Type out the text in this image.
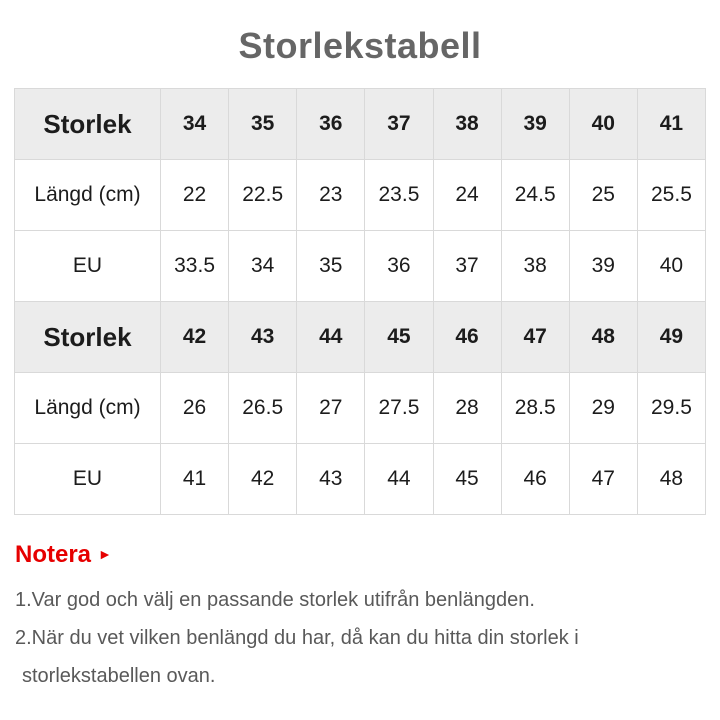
Storlekstabell
Storlek	34	35	36	37	38	39	40	41
Längd (cm)	22	22.5	23	23.5	24	24.5	25	25.5
EU	33.5	34	35	36	37	38	39	40
Storlek	42	43	44	45	46	47	48	49
Längd (cm)	26	26.5	27	27.5	28	28.5	29	29.5
EU	41	42	43	44	45	46	47	48
Notera ►
1.Var god och välj en passande storlek utifrån benlängden.
2.När du vet vilken benlängd du har, då kan du hitta din storlek i
storlekstabellen ovan.
